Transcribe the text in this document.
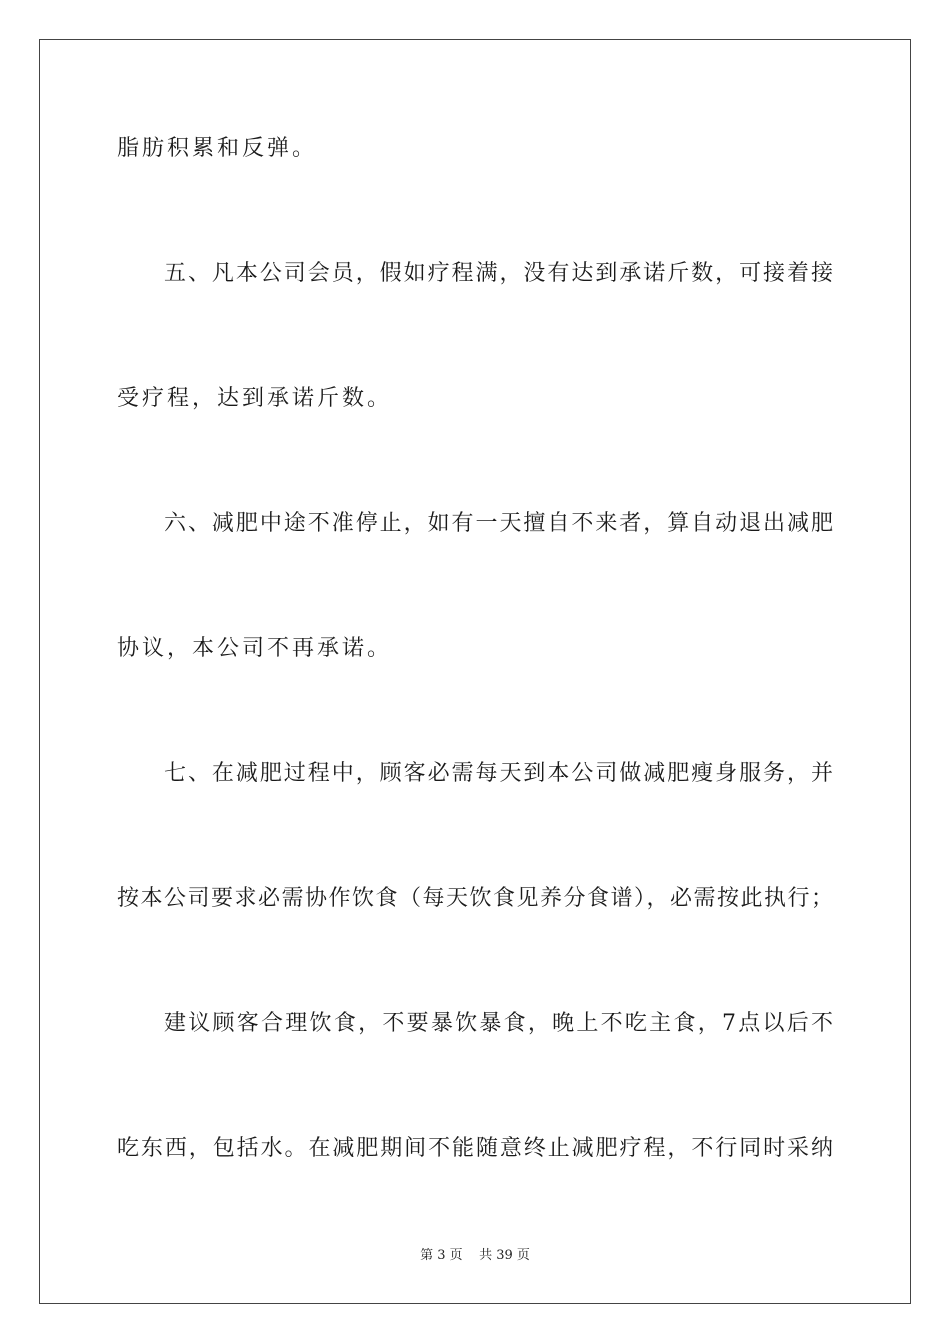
脂肪积累和反弹。
五、凡本公司会员，假如疗程满，没有达到承诺斤数，可接着接
受疗程，达到承诺斤数。
六、减肥中途不准停止，如有一天擅自不来者，算自动退出减肥
协议，本公司不再承诺。
七、在减肥过程中，顾客必需每天到本公司做减肥瘦身服务，并
按本公司要求必需协作饮食（每天饮食见养分食谱），必需按此执行；
建议顾客合理饮食，不要暴饮暴食，晚上不吃主食，7点以后不
吃东西，包括水。在减肥期间不能随意终止减肥疗程，不行同时采纳
第 3 页    共 39 页
